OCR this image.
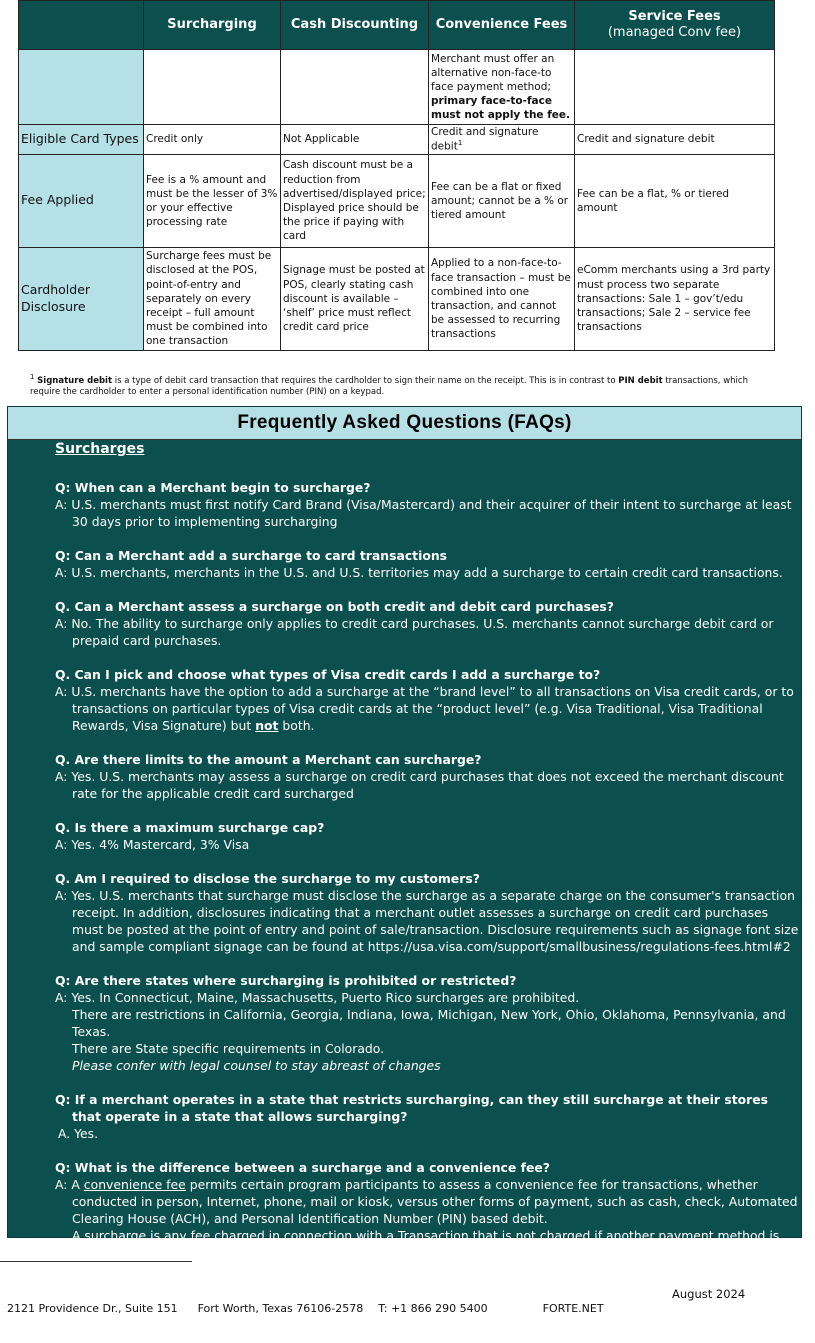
	Surcharging	Cash Discounting	Convenience Fees	Service Fees
(managed Conv fee)

			Merchant must offer an alternative non-face-to face payment method; primary face-to-face must not apply the fee.	
Eligible Card Types	Credit only	Not Applicable	Credit and signature debit$^1$	Credit and signature debit
Fee Applied	Fee is a % amount and must be the lesser of 3% or your effective processing rate	Cash discount must be a reduction from advertised/displayed price; Displayed price should be the price if paying with card	Fee can be a flat or fixed amount; cannot be a % or tiered amount	Fee can be a flat, % or tiered amount
Cardholder Disclosure	Surcharge fees must be disclosed at the POS, point-of-entry and separately on every receipt – full amount must be combined into one transaction	Signage must be posted at POS, clearly stating cash discount is available – ‘shelf’ price must reflect credit card price	Applied to a non-face-to-face transaction – must be combined into one transaction, and cannot be assessed to recurring transactions	eComm merchants using a 3rd party must process two separate transactions: Sale 1 – gov’t/edu transactions; Sale 2 – service fee transactions
$^1$ Signature debit is a type of debit card transaction that requires the cardholder to sign their name on the receipt. This is in contrast to PIN debit transactions, which require the cardholder to enter a personal identification number (PIN) on a keypad.
Frequently Asked Questions (FAQs)
Surcharges
Q: When can a Merchant begin to surcharge?
A: U.S. merchants must first notify Card Brand (Visa/Mastercard) and their acquirer of their intent to surcharge at least 30 days prior to implementing surcharging
Q: Can a Merchant add a surcharge to card transactions
A: U.S. merchants, merchants in the U.S. and U.S. territories may add a surcharge to certain credit card transactions.
Q. Can a Merchant assess a surcharge on both credit and debit card purchases?
A: No. The ability to surcharge only applies to credit card purchases. U.S. merchants cannot surcharge debit card or prepaid card purchases.
Q. Can I pick and choose what types of Visa credit cards I add a surcharge to?
A: U.S. merchants have the option to add a surcharge at the “brand level” to all transactions on Visa credit cards, or to transactions on particular types of Visa credit cards at the “product level” (e.g. Visa Traditional, Visa Traditional Rewards, Visa Signature) but not both.
Q. Are there limits to the amount a Merchant can surcharge?
A: Yes. U.S. merchants may assess a surcharge on credit card purchases that does not exceed the merchant discount rate for the applicable credit card surcharged
Q. Is there a maximum surcharge cap?
A: Yes. 4% Mastercard, 3% Visa
Q. Am I required to disclose the surcharge to my customers?
A: Yes. U.S. merchants that surcharge must disclose the surcharge as a separate charge on the consumer's transaction receipt. In addition, disclosures indicating that a merchant outlet assesses a surcharge on credit card purchases must be posted at the point of entry and point of sale/transaction. Disclosure requirements such as signage font size and sample compliant signage can be found at https://usa.visa.com/support/smallbusiness/regulations-fees.html#2
Q: Are there states where surcharging is prohibited or restricted?
A: Yes. In Connecticut, Maine, Massachusetts, Puerto Rico surcharges are prohibited.
There are restrictions in California, Georgia, Indiana, Iowa, Michigan, New York, Ohio, Oklahoma, Pennsylvania, and Texas.
There are State specific requirements in Colorado.
Please confer with legal counsel to stay abreast of changes
Q: If a merchant operates in a state that restricts surcharging, can they still surcharge at their stores that operate in a state that allows surcharging?
A. Yes.
Q: What is the difference between a surcharge and a convenience fee?
A: A convenience fee permits certain program participants to assess a convenience fee for transactions, whether conducted in person, Internet, phone, mail or kiosk, versus other forms of payment, such as cash, check, Automated Clearing House (ACH), and Personal Identification Number (PIN) based debit.
A surcharge is any fee charged in connection with a Transaction that is not charged if another payment method is used.
August 2024
2121 Providence Dr., Suite 151 Fort Worth, Texas 76106-2578 T: +1 866 290 5400	FORTE.NET
